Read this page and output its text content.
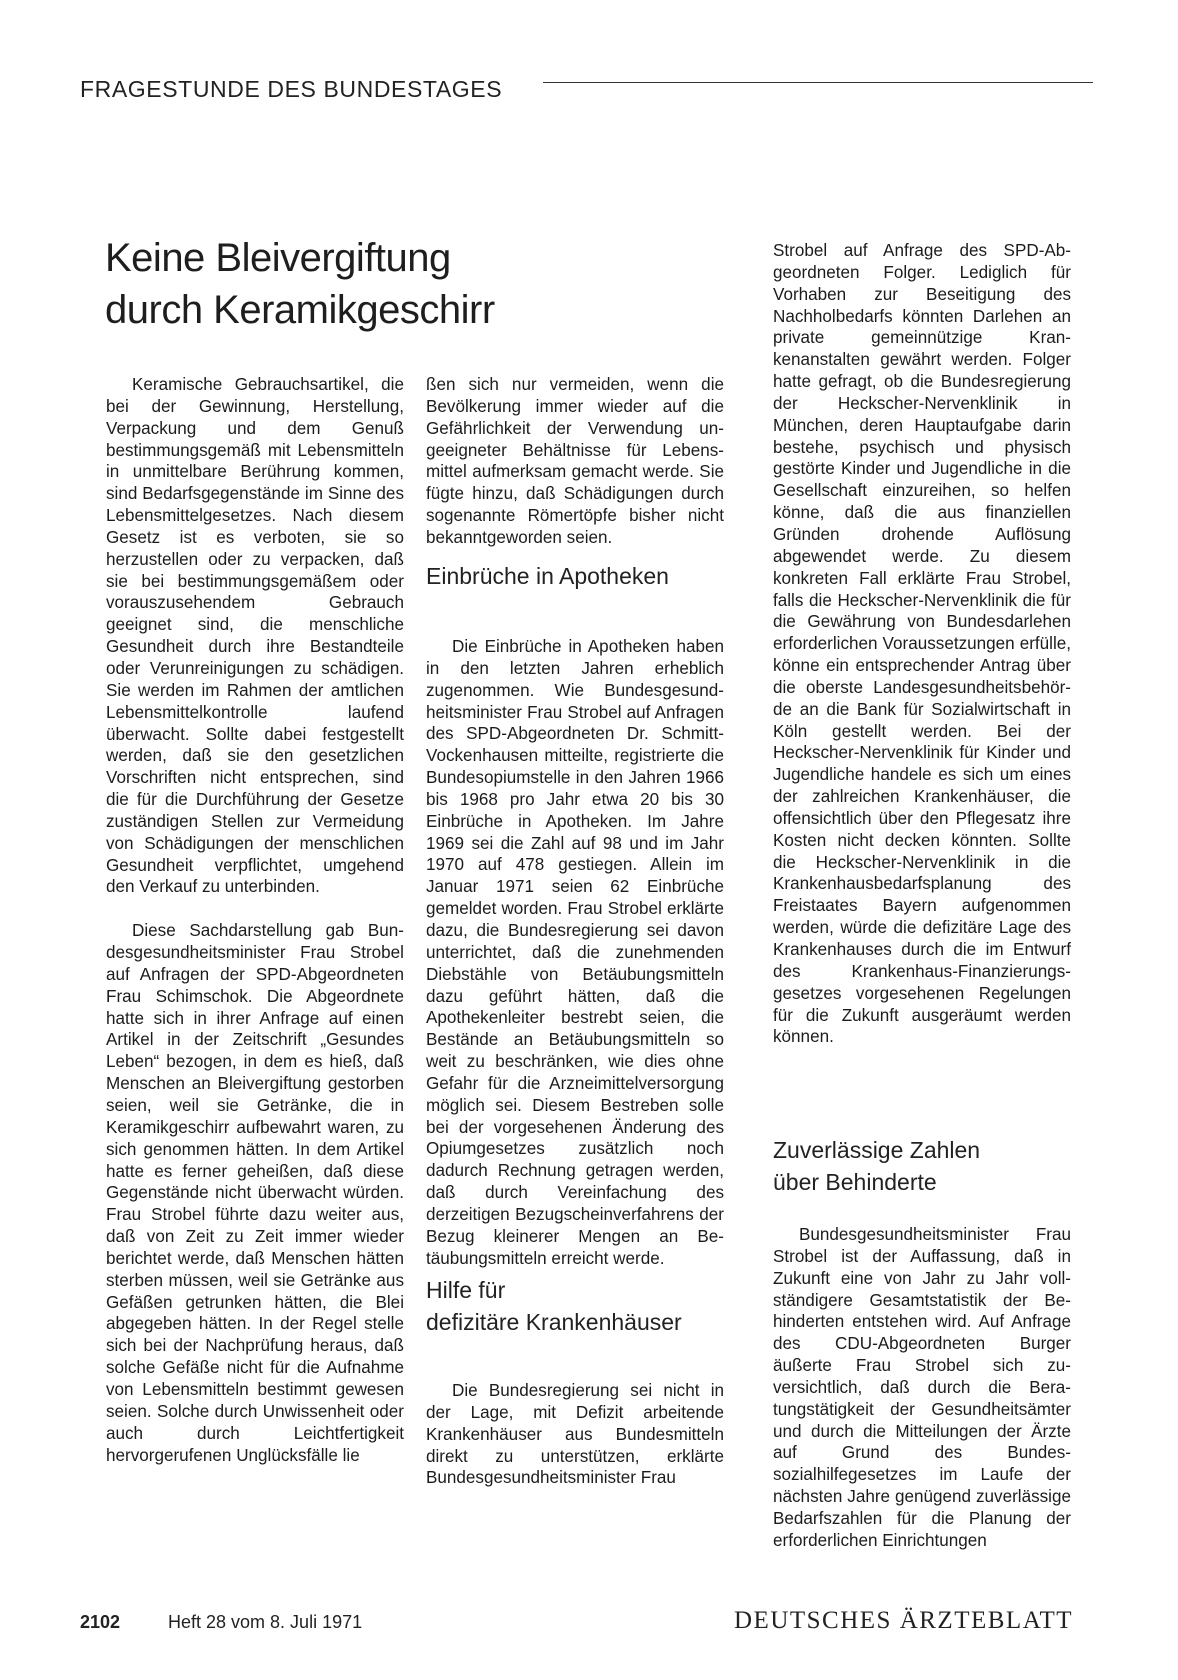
FRAGESTUNDE DES BUNDESTAGES
Keine Bleivergiftung
durch Keramikgeschirr

Keramische Gebrauchsartikel, die bei der Gewinnung, Herstellung, Verpackung und dem Genuß bestimmungsgemäß mit Lebensmitteln in unmittelbare Berührung kommen, sind Bedarfsgegenstände im Sinne des Lebensmittelgesetzes. Nach diesem Gesetz ist es verboten, sie so herzustellen oder zu verpacken, daß sie bei bestimmungsgemäßem oder vorauszusehendem Gebrauch geeignet sind, die menschliche Gesundheit durch ihre Bestandteile oder Verunreinigungen zu schädigen. Sie werden im Rahmen der amtlichen Lebensmittelkontrolle laufend überwacht. Sollte dabei festgestellt werden, daß sie den gesetzlichen Vorschriften nicht entsprechen, sind die für die Durchführung der Gesetze zuständigen Stellen zur Vermeidung von Schädigungen der menschlichen Gesundheit verpflichtet, umgehend den Verkauf zu unterbinden.

Diese Sachdarstellung gab Bundesgesundheitsminister Frau Strobel auf Anfragen der SPD-Abgeordneten Frau Schimschok. Die Abgeordnete hatte sich in ihrer Anfrage auf einen Artikel in der Zeitschrift „Gesundes Leben“ bezogen, in dem es hieß, daß Menschen an Bleivergiftung gestorben seien, weil sie Getränke, die in Keramikgeschirr aufbewahrt waren, zu sich genommen hätten. In dem Artikel hatte es ferner geheißen, daß diese Gegenstände nicht überwacht würden. Frau Strobel führte dazu weiter aus, daß von Zeit zu Zeit immer wieder berichtet werde, daß Menschen hätten sterben müssen, weil sie Getränke aus Gefäßen getrunken hätten, die Blei abgegeben hätten. In der Regel stelle sich bei der Nachprüfung heraus, daß solche Gefäße nicht für die Aufnahme von Lebensmitteln bestimmt gewesen seien. Solche durch Unwissenheit oder auch durch Leichtfertigkeit hervorgerufenen Unglücksfälle lie

ßen sich nur vermeiden, wenn die Bevölkerung immer wieder auf die Gefährlichkeit der Verwendung ungeeigneter Behältnisse für Lebensmittel aufmerksam gemacht werde. Sie fügte hinzu, daß Schädigungen durch sogenannte Römertöpfe bisher nicht bekanntgeworden seien.

Einbrüche in Apotheken

Die Einbrüche in Apotheken haben in den letzten Jahren erheblich zugenommen. Wie Bundesgesundheitsminister Frau Strobel auf Anfragen des SPD-Abgeordneten Dr. Schmitt-Vockenhausen mitteilte, registrierte die Bundesopiumstelle in den Jahren 1966 bis 1968 pro Jahr etwa 20 bis 30 Einbrüche in Apotheken. Im Jahre 1969 sei die Zahl auf 98 und im Jahr 1970 auf 478 gestiegen. Allein im Januar 1971 seien 62 Einbrüche gemeldet worden. Frau Strobel erklärte dazu, die Bundesregierung sei davon unterrichtet, daß die zunehmenden Diebstähle von Betäubungsmitteln dazu geführt hätten, daß die Apothekenleiter bestrebt seien, die Bestände an Betäubungsmitteln so weit zu beschränken, wie dies ohne Gefahr für die Arzneimittelversorgung möglich sei. Diesem Bestreben solle bei der vorgesehenen Änderung des Opiumgesetzes zusätzlich noch dadurch Rechnung getragen werden, daß durch Vereinfachung des derzeitigen Bezugscheinverfahrens der Bezug kleinerer Mengen an Betäubungsmitteln erreicht werde.

Hilfe für
defizitäre Krankenhäuser

Die Bundesregierung sei nicht in der Lage, mit Defizit arbeitende Krankenhäuser aus Bundesmitteln direkt zu unterstützen, erklärte Bundesgesundheitsminister Frau

Strobel auf Anfrage des SPD-Abgeordneten Folger. Lediglich für Vorhaben zur Beseitigung des Nachholbedarfs könnten Darlehen an private gemeinnützige Krankenanstalten gewährt werden. Folger hatte gefragt, ob die Bundesregierung der Heckscher-Nervenklinik in München, deren Hauptaufgabe darin bestehe, psychisch und physisch gestörte Kinder und Jugendliche in die Gesellschaft einzureihen, so helfen könne, daß die aus finanziellen Gründen drohende Auflösung abgewendet werde. Zu diesem konkreten Fall erklärte Frau Strobel, falls die Heckscher-Nervenklinik die für die Gewährung von Bundesdarlehen erforderlichen Voraussetzungen erfülle, könne ein entsprechender Antrag über die oberste Landesgesundheitsbehörde an die Bank für Sozialwirtschaft in Köln gestellt werden. Bei der Heckscher-Nervenklinik für Kinder und Jugendliche handele es sich um eines der zahlreichen Krankenhäuser, die offensichtlich über den Pflegesatz ihre Kosten nicht decken könnten. Sollte die Heckscher-Nervenklinik in die Krankenhausbedarfsplanung des Freistaates Bayern aufgenommen werden, würde die defizitäre Lage des Krankenhauses durch die im Entwurf des Krankenhaus-Finanzierungsgesetzes vorgesehenen Regelungen für die Zukunft ausgeräumt werden können.

Zuverlässige Zahlen
über Behinderte

Bundesgesundheitsminister Frau Strobel ist der Auffassung, daß in Zukunft eine von Jahr zu Jahr vollständigere Gesamtstatistik der Behinderten entstehen wird. Auf Anfrage des CDU-Abgeordneten Burger äußerte Frau Strobel sich zuversichtlich, daß durch die Beratungstätigkeit der Gesundheitsämter und durch die Mitteilungen der Ärzte auf Grund des Bundessozialhilfegesetzes im Laufe der nächsten Jahre genügend zuverlässige Bedarfszahlen für die Planung der erforderlichen Einrichtungen

2102	Heft 28 vom 8. Juli 1971	DEUTSCHES ÄRZTEBLATT
